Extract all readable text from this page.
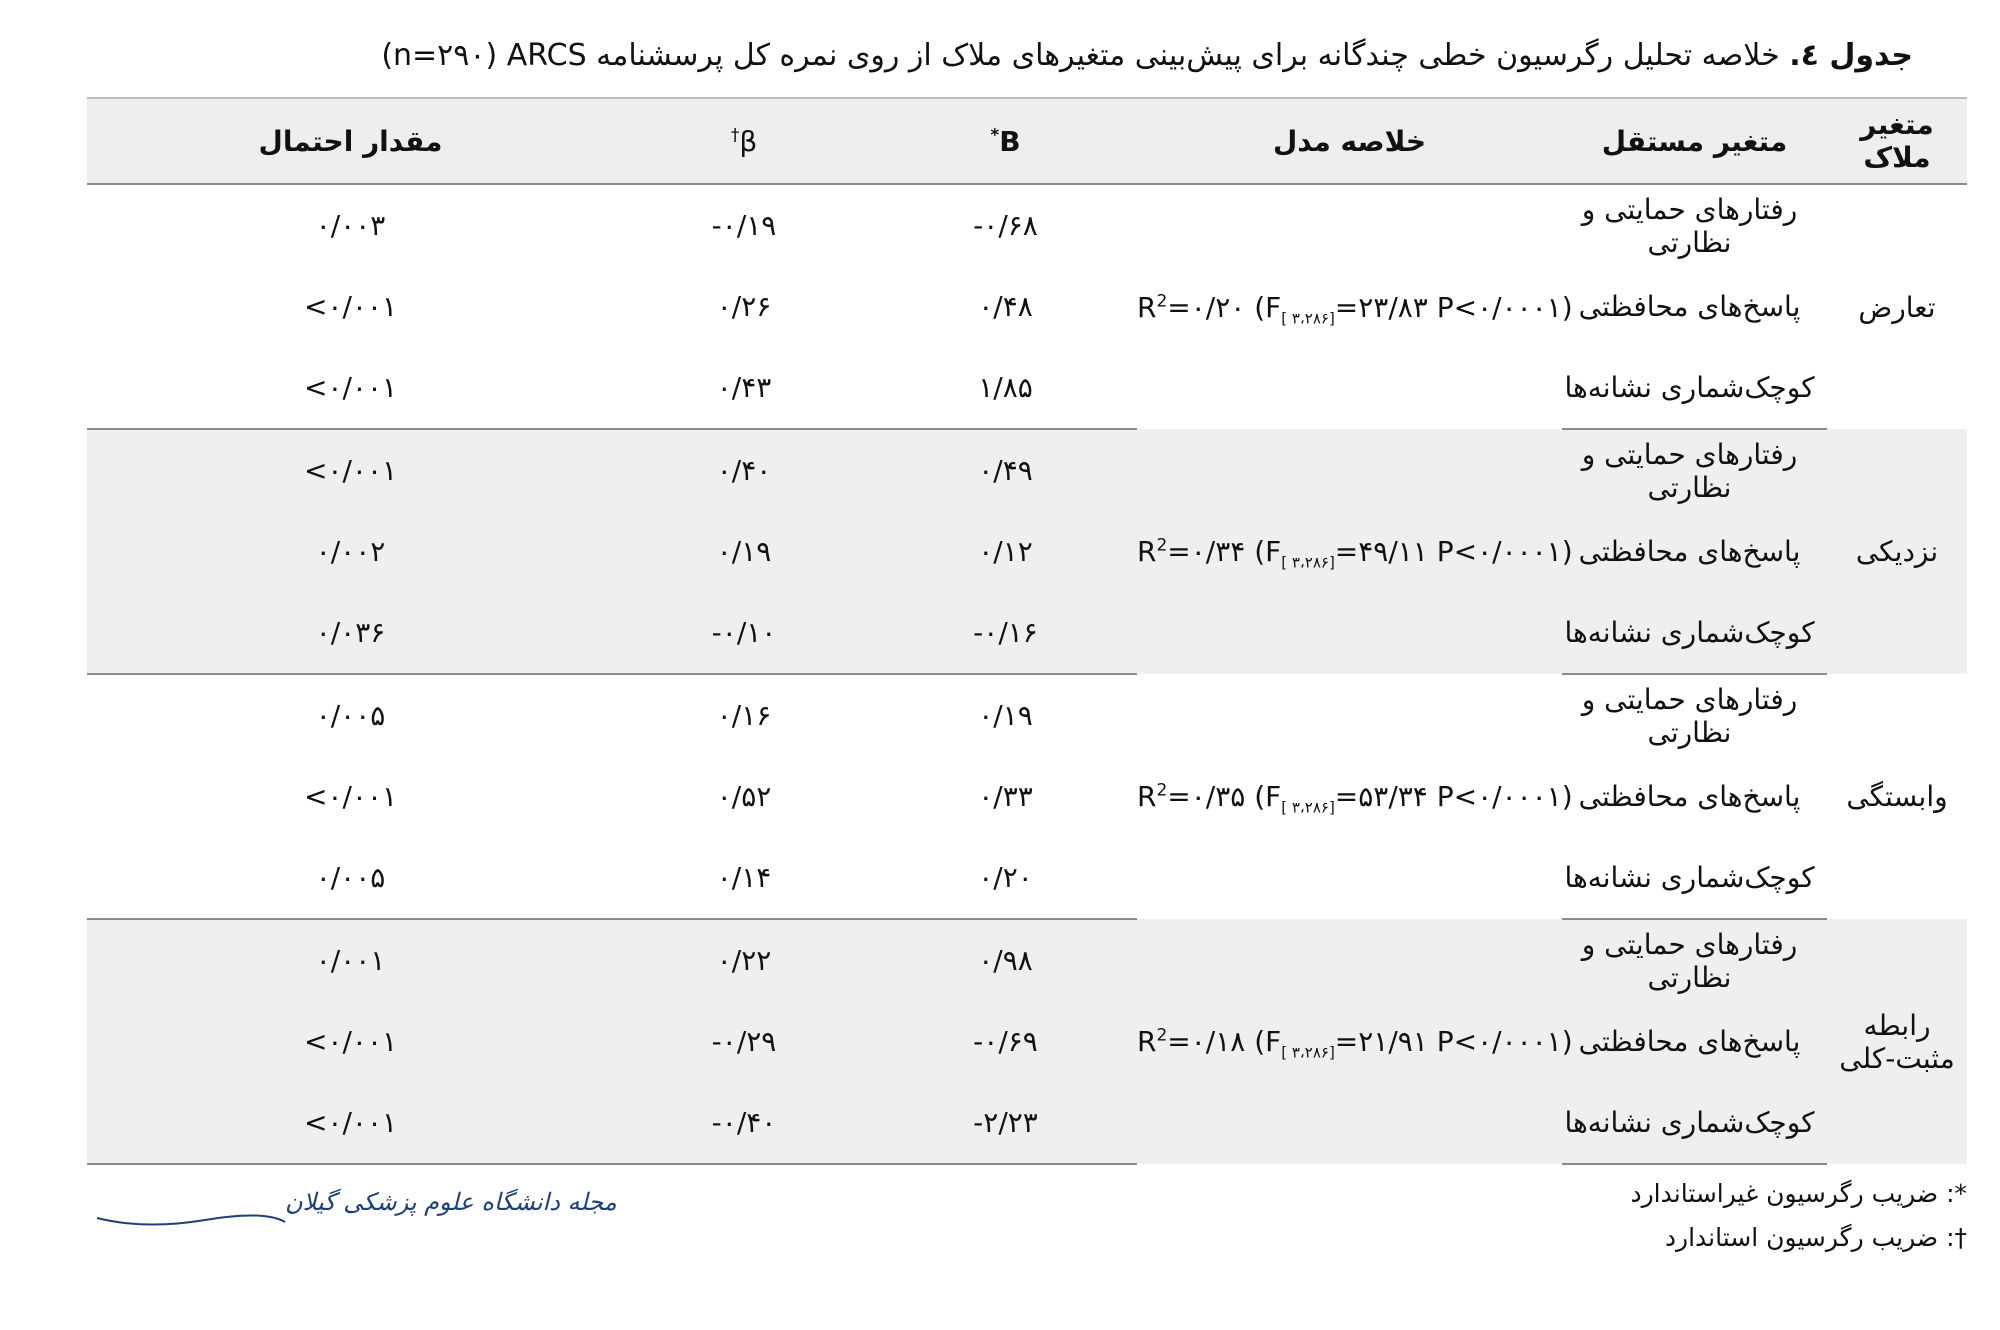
جدول ٤. خلاصه تحلیل رگرسیون خطی چندگانه برای پیش‌بینی متغیرهای ملاک از روی نمره کل پرسشنامه ARCS (n=۲۹۰)
متغیر ملاک	متغیر مستقل	خلاصه مدل	B*	β†	مقدار احتمال
تعارض	رفتارهای حمایتی و نظارتی	$R^2=۰/۲۰$ ($F_{[ ۳،۲۸۶]}=۲۳/۸۳$ P<۰/۰۰۰۱)	-۰/۶۸	-۰/۱۹	۰/۰۰۳
	پاسخ‌های محافظتی		۰/۴۸	۰/۲۶	<۰/۰۰۱
	کوچک‌شماری نشانه‌ها		۱/۸۵	۰/۴۳	<۰/۰۰۱
نزدیکی	رفتارهای حمایتی و نظارتی	$R^2=۰/۳۴$ ($F_{[ ۳،۲۸۶]}=۴۹/۱۱$ P<۰/۰۰۰۱)	۰/۴۹	۰/۴۰	<۰/۰۰۱
	پاسخ‌های محافظتی		۰/۱۲	۰/۱۹	۰/۰۰۲
	کوچک‌شماری نشانه‌ها		-۰/۱۶	-۰/۱۰	۰/۰۳۶
وابستگی	رفتارهای حمایتی و نظارتی	$R^2=۰/۳۵$ ($F_{[ ۳،۲۸۶]}=۵۳/۳۴$ P<۰/۰۰۰۱)	۰/۱۹	۰/۱۶	۰/۰۰۵
	پاسخ‌های محافظتی		۰/۳۳	۰/۵۲	<۰/۰۰۱
	کوچک‌شماری نشانه‌ها		۰/۲۰	۰/۱۴	۰/۰۰۵
رابطه مثبت-کلی	رفتارهای حمایتی و نظارتی	$R^2=۰/۱۸$ ($F_{[ ۳،۲۸۶]}=۲۱/۹۱$ P<۰/۰۰۰۱)	۰/۹۸	۰/۲۲	۰/۰۰۱
	پاسخ‌های محافظتی		-۰/۶۹	-۰/۲۹	<۰/۰۰۱
	کوچک‌شماری نشانه‌ها		-۲/۲۳	-۰/۴۰	<۰/۰۰۱
*: ضریب رگرسیون غیراستاندارد
†: ضریب رگرسیون استاندارد
مجله دانشگاه علوم پزشکی گیلان
